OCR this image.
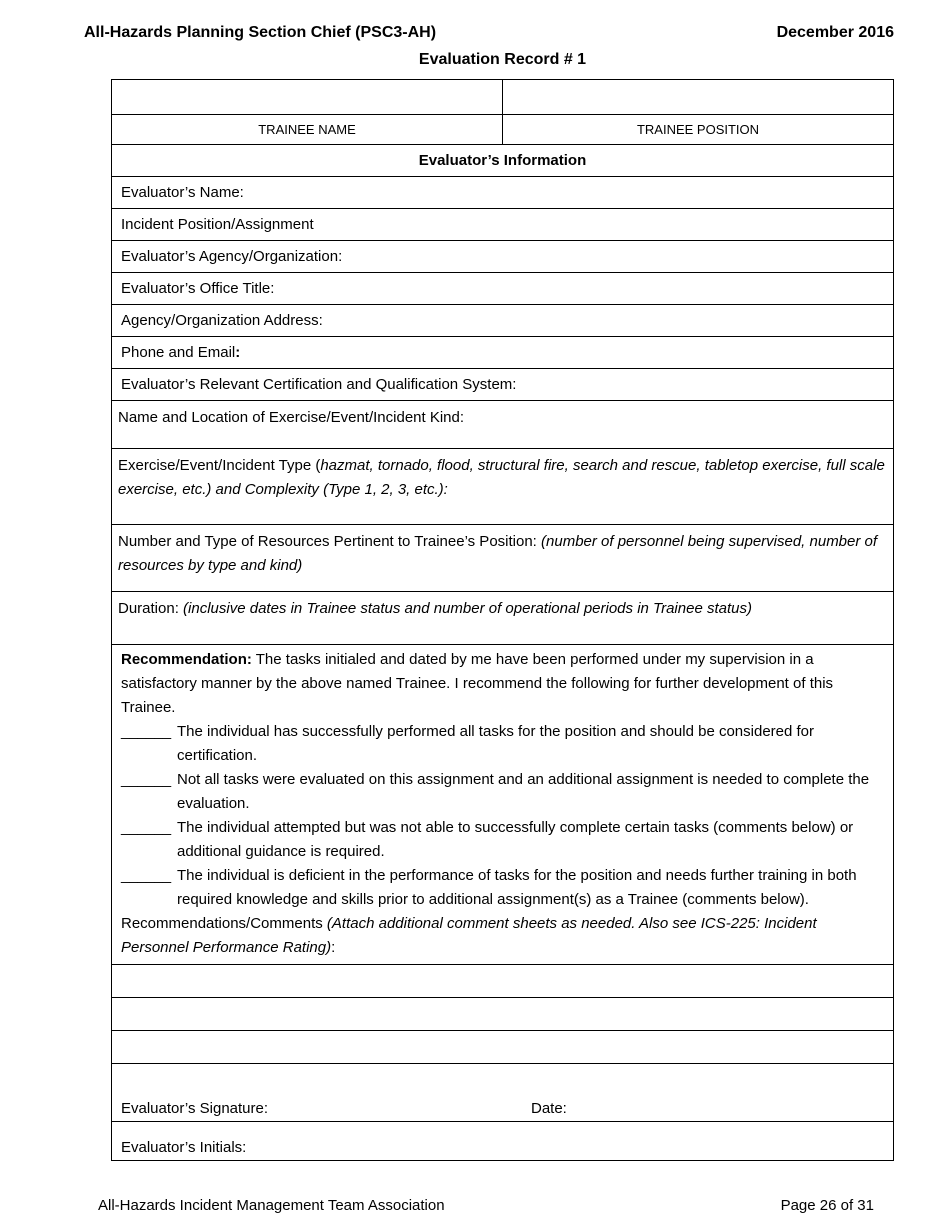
All-Hazards Planning Section Chief (PSC3-AH)	December 2016
Evaluation Record # 1
TRAINEE NAME	TRAINEE POSITION
Evaluator’s Information
Evaluator’s Name:
Incident Position/Assignment
Evaluator’s Agency/Organization:
Evaluator’s Office Title:
Agency/Organization Address:
Phone and Email :
Evaluator’s Relevant Certification and Qualification System:
Name and Location of Exercise/Event/Incident Kind:
Exercise/Event/Incident Type (hazmat, tornado, flood, structural fire, search and rescue, tabletop exercise, full scale exercise, etc.) and Complexity (Type 1, 2, 3, etc.):
Number and Type of Resources Pertinent to Trainee’s Position: (number of personnel being supervised, number of resources by type and kind)
Duration: (inclusive dates in Trainee status and number of operational periods in Trainee status)
Recommendation: The tasks initialed and dated by me have been performed under my supervision in a satisfactory manner by the above named Trainee. I recommend the following for further development of this Trainee.
______ The individual has successfully performed all tasks for the position and should be considered for certification.
______ Not all tasks were evaluated on this assignment and an additional assignment is needed to complete the evaluation.
______ The individual attempted but was not able to successfully complete certain tasks (comments below) or additional guidance is required.
______ The individual is deficient in the performance of tasks for the position and needs further training in both required knowledge and skills prior to additional assignment(s) as a Trainee (comments below).
Recommendations/Comments (Attach additional comment sheets as needed. Also see ICS-225: Incident Personnel Performance Rating):
Evaluator’s Signature:	Date:
Evaluator’s Initials:
All-Hazards Incident Management Team Association	Page 26 of 31
